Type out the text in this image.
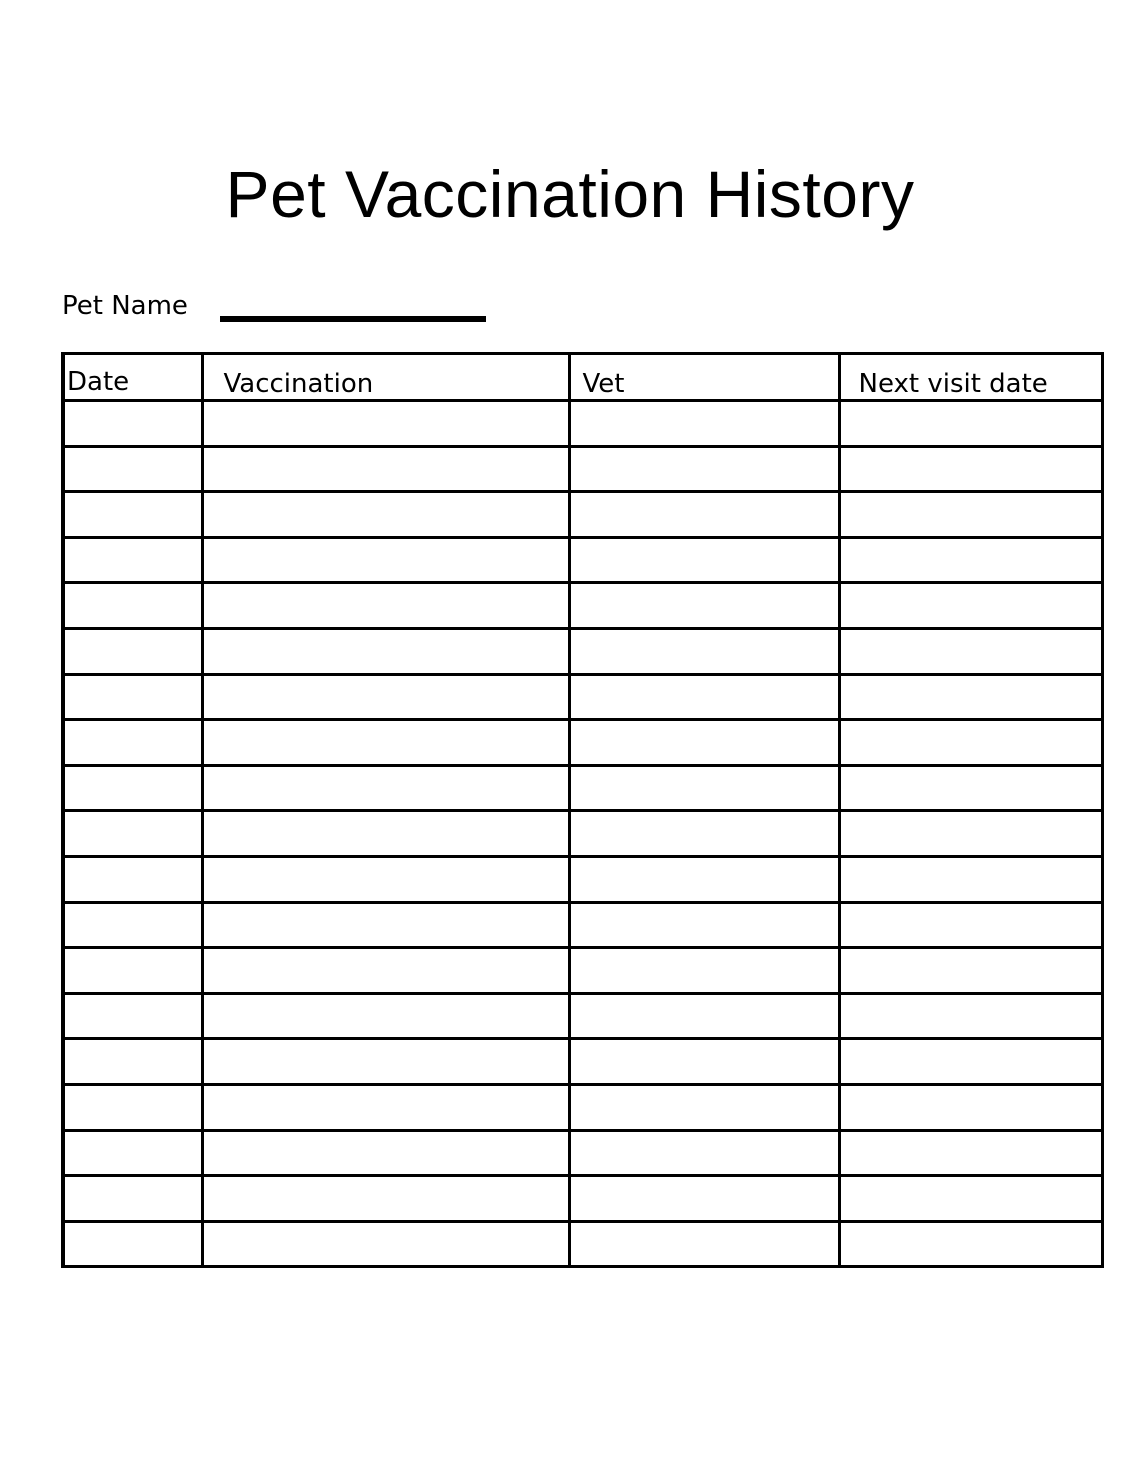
Pet Vaccination History
Pet Name
Date	Vaccination	Vet	Next visit date
